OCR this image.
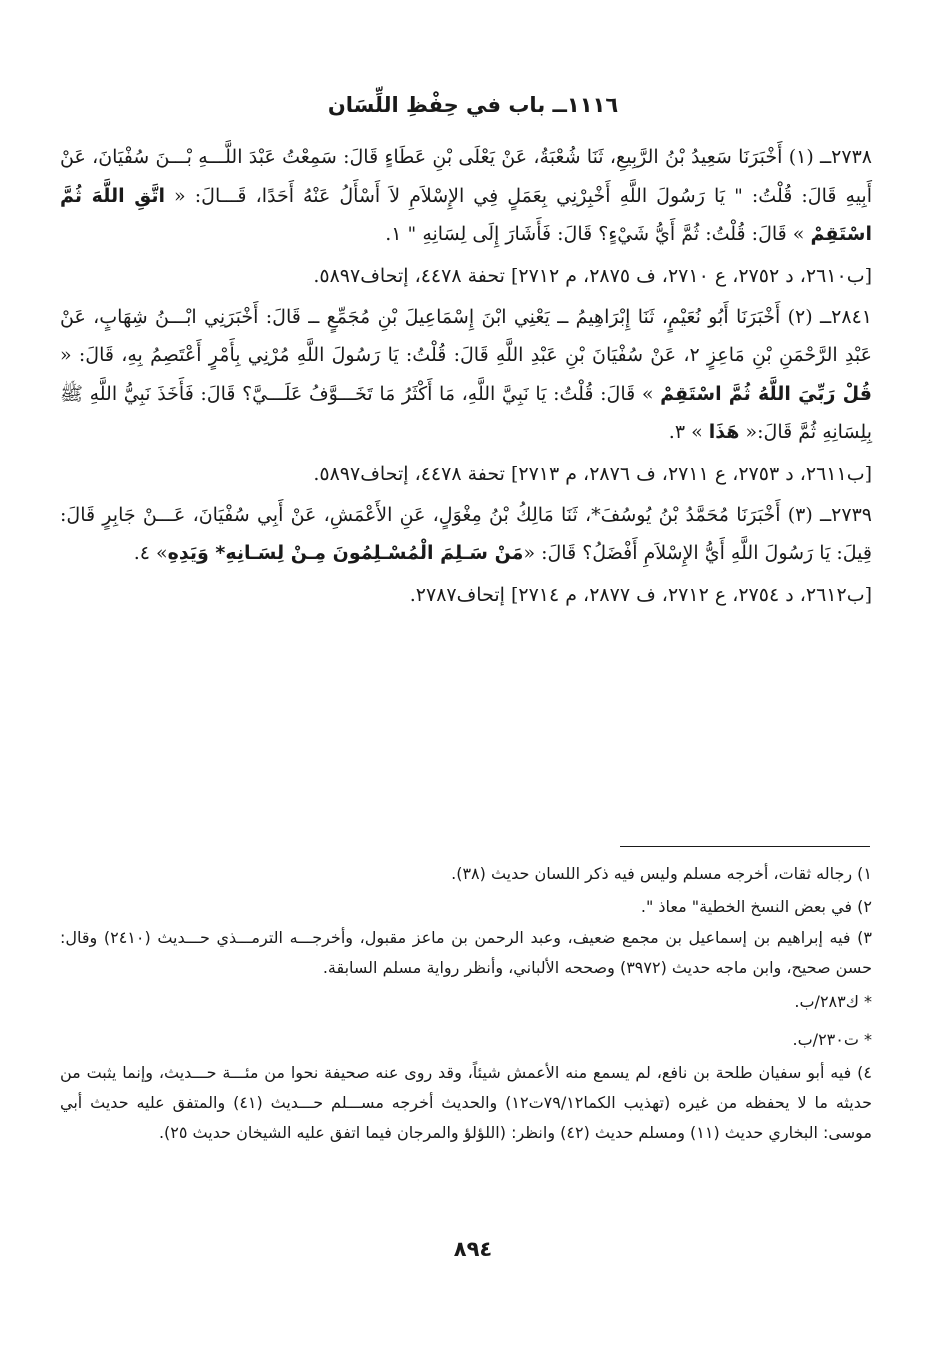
١١١٦ــ باب في حِفْظِ اللِّسَان

٢٧٣٨ــ (١) أَخْبَرَنَا سَعِيدُ بْنُ الرَّبِيعِ، ثَنَا شُعْبَةُ، عَنْ يَعْلَى بْنِ عَطَاءٍ قَالَ: سَمِعْتُ عَبْدَ اللَّـــهِ بْـــنَ سُفْيَانَ، عَنْ أَبِيهِ قَالَ: قُلْتُ: " يَا رَسُولَ اللَّهِ أَخْبِرْنِي بِعَمَلٍ فِي الإِسْلاَمِ لاَ أَسْأَلُ عَنْهُ أَحَدًا، قَـــالَ: « اتَّقِ اللَّهَ ثُمَّ اسْتَقِمْ » قَالَ: قُلْتُ: ثُمَّ أَيُّ شَيْءٍ؟ قَالَ: فَأَشَارَ إِلَى لِسَانِهِ " ١.

[ب٢٦١٠، د ٢٧٥٢، ع ٢٧١٠، ف ٢٨٧٥، م ٢٧١٢] تحفة ٤٤٧٨، إتحاف٥٨٩٧.

٢٨٤١ــ (٢) أَخْبَرَنَا أَبُو نُعَيْمٍ، ثَنَا إِبْرَاهِيمُ ــ يَعْنِي ابْنَ إِسْمَاعِيلَ بْنِ مُجَمِّعٍ ــ قَالَ: أَخْبَرَنِي ابْـــنُ شِهَابٍ، عَنْ عَبْدِ الرَّحْمَنِ بْنِ مَاعِزٍ ٢، عَنْ سُفْيَانَ بْنِ عَبْدِ اللَّهِ قَالَ: قُلْتُ: يَا رَسُولَ اللَّهِ مُرْنِي بِأَمْرٍ أَعْتَصِمُ بِهِ، قَالَ: « قُلْ رَبِّيَ اللَّهُ ثُمَّ اسْتَقِمْ » قَالَ: قُلْتُ: يَا نَبِيَّ اللَّهِ، مَا أَكْثَرُ مَا تَخَـــوَّفُ عَلَـــيَّ؟ قَالَ: فَأَخَذَ نَبِيُّ اللَّهِ ﷺ بِلِسَانِهِ ثُمَّ قَالَ:« هَذَا » ٣.

[ب٢٦١١، د ٢٧٥٣، ع ٢٧١١، ف ٢٨٧٦، م ٢٧١٣] تحفة ٤٤٧٨، إتحاف٥٨٩٧.

٢٧٣٩ــ (٣) أَخْبَرَنَا مُحَمَّدُ بْنُ يُوسُفَ*، ثَنَا مَالِكُ بْنُ مِغْوَلٍ، عَنِ الأَعْمَشِ، عَنْ أَبِي سُفْيَانَ، عَـــنْ جَابِرٍ قَالَ: قِيلَ: يَا رَسُولَ اللَّهِ أَيُّ الإِسْلاَمِ أَفْضَلُ؟ قَالَ: «مَنْ سَـلِمَ الْمُسْـلِمُونَ مِـنْ لِسَـانِهِ* وَيَدِهِ» ٤.

[ب٢٦١٢، د ٢٧٥٤، ع ٢٧١٢، ف ٢٨٧٧، م ٢٧١٤] إتحاف٢٧٨٧.

١) رجاله ثقات، أخرجه مسلم وليس فيه ذكر اللسان حديث (٣٨).

٢) في بعض النسخ الخطية" معاذ ".

٣) فيه إبراهيم بن إسماعيل بن مجمع ضعيف، وعبد الرحمن بن ماعز مقبول، وأخرجـــه الترمـــذي حـــديث (٢٤١٠) وقال: حسن صحيح، وابن ماجه حديث (٣٩٧٢) وصححه الألباني، وأنظر رواية مسلم السابقة.

* ك٢٨٣/ب.

* ت٢٣٠/ب.

٤) فيه أبو سفيان طلحة بن نافع، لم يسمع منه الأعمش شيئاً، وقد روى عنه صحيفة نحوا من مئـــة حـــديث، وإنما يثبت من حديثه ما لا يحفظه من غيره (تهذيب الكما٧٩/١٢ت١٢) والحديث أخرجه مســـلم حـــديث (٤١) والمتفق عليه حديث أبي موسى: البخاري حديث (١١) ومسلم حديث (٤٢) وانظر: (اللؤلؤ والمرجان فيما اتفق عليه الشيخان حديث ٢٥).

٨٩٤
